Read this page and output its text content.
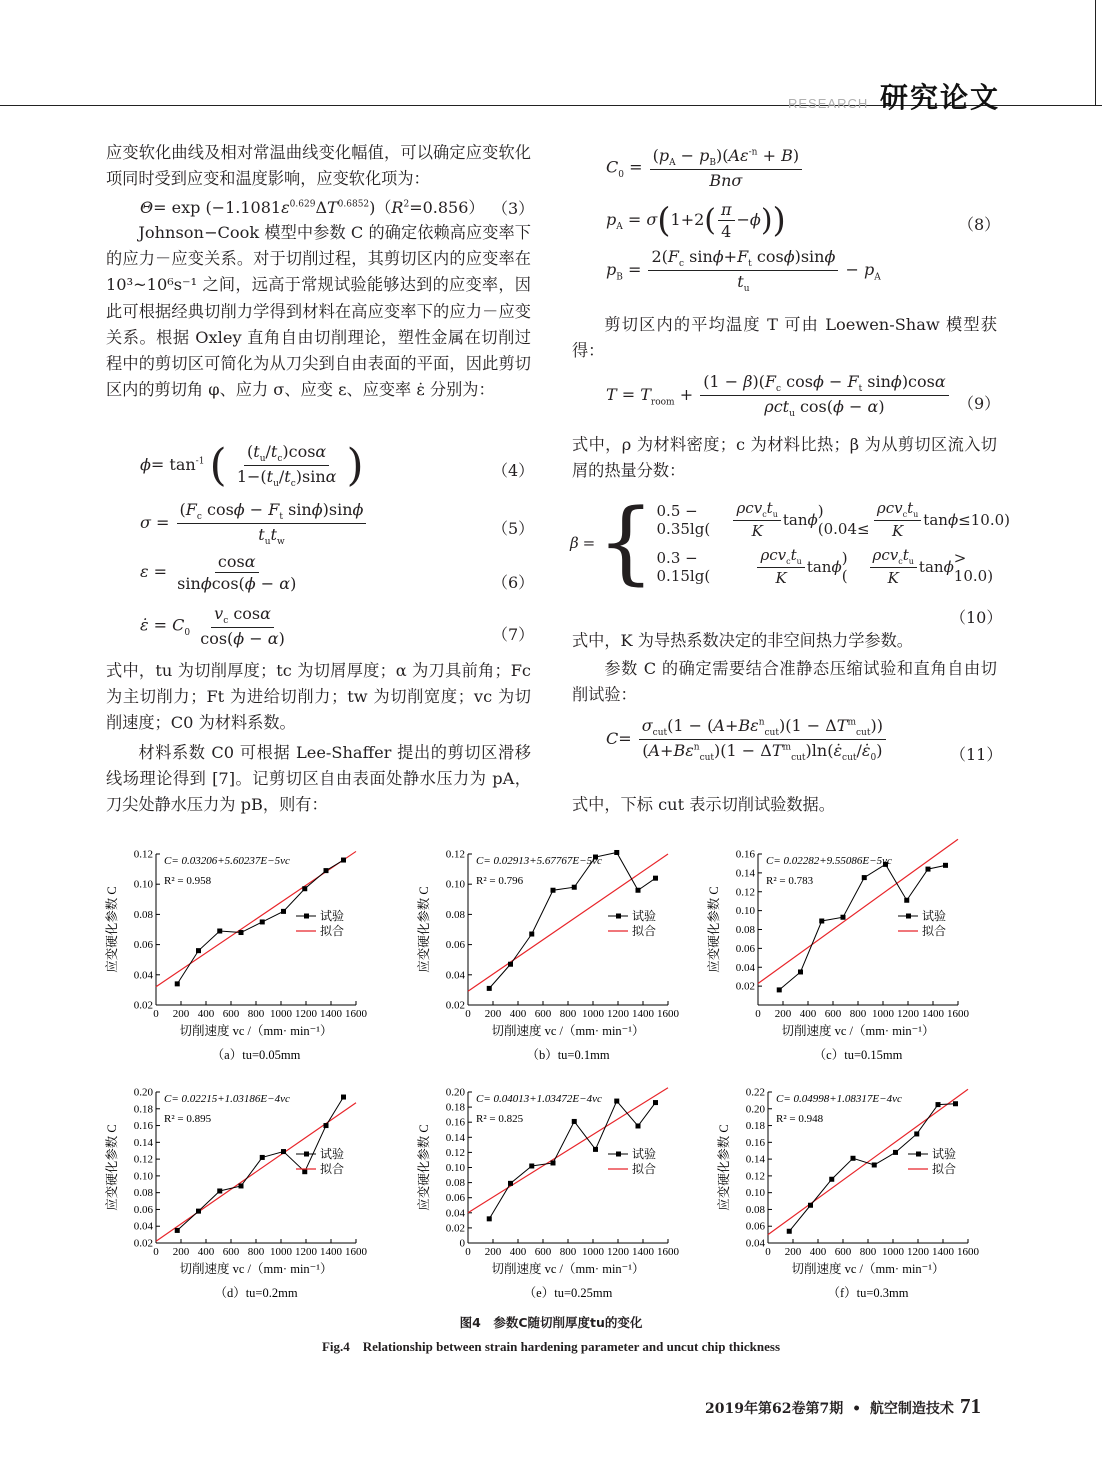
RESEARCH 研究论文

应变软化曲线及相对常温曲线变化幅值，可以确定应变软化项同时受到应变和温度影响，应变软化项为：

$\Theta= \exp (-1.1081\varepsilon^{0.629}\Delta T^{0.6852})(R^2=0.856)$ （3）

Johnson−Cook 模型中参数 C 的确定依赖高应变率下的应力－应变关系。对于切削过程，其剪切区内的应变率在 10³~10⁶s⁻¹ 之间，远高于常规试验能够达到的应变率，因此可根据经典切削力学得到材料在高应变率下的应力－应变关系。根据 Oxley 直角自由切削理论，塑性金属在切削过程中的剪切区可简化为从刀尖到自由表面的平面，因此剪切区内的剪切角 φ、应力 σ、应变 ε、应变率 ε̇ 分别为：

$\phi= \tan^{-1}$ ( $\frac{(t_u/t_c)\cos\alpha}{1-(t_u/t_c)\sin\alpha}$ )	（4）
$\sigma = \frac{(F_c \cos\phi - F_t \sin\phi)\sin\phi}{t_ut_w}$	（5）
$\varepsilon = \frac{\cos\alpha}{\sin\phi\cos(\phi - \alpha)}$	（6）
ε̇ = $C_0 \frac{v_c \cos\alpha}{\cos(\phi - \alpha)}$	（7）

式中，tu 为切削厚度；tc 为切屑厚度；α 为刀具前角；Fc 为主切削力；Ft 为进给切削力；tw 为切削宽度；vc 为切削速度；C0 为材料系数。

材料系数 C0 可根据 Lee-Shaffer 提出的剪切区滑移线场理论得到 [7]。记剪切区自由表面处静水压力为 pA，刀尖处静水压力为 pB，则有：

$C_0 = \frac{(p_A - p_B)(A\varepsilon^{-n} + B)}{\text{Bnσ}}$
$p_A = \sigma(1+2( \frac{\pi}{4} -\phi))$
$p_B = \frac{2(F_c \sin\phi+F_t \cos\phi)\sin\phi}{t_u} - p_A$
（8）

剪切区内的平均温度 T 可由 Loewen-Shaw 模型获得：

$T = T_{room} + \frac{(1 - \beta)(F_c \cos\phi - F_t \sin\phi)\cos\alpha}{\rho ct_u \cos(\phi - \alpha)} (9)$

式中，ρ 为材料密度；c 为材料比热；β 为从剪切区流入切屑的热量分数：

β = { $0.5 - 0.35\lg( \frac{\rho cv_ct_u}{K}$ tan ϕ )   ($0.04\le \frac{\rho cv_ct_u}{K}$ tan ϕ ≤10.0)
0.3 − 0.15lg(	$\frac{\rho cv_ct_u}{K}$ tan ϕ )   ( $\frac{\rho cv_ct_u}{K}$ tan ϕ > 10.0)
（10）

式中，K 为导热系数决定的非空间热力学参数。

参数 C 的确定需要结合准静态压缩试验和直角自由切削试验：

$C= \frac{\sigma_{cut}(1 - (A+B\varepsilon^n_{cut})(1 - \Delta T^m_{cut}))}{(A+B\varepsilon^n_{cut})(1 - \Delta T^m_{cut})\ln(\varepsiloṅ_{cut}/\varepsiloṅ_0)}$	（11）

式中，下标 cut 表示切削试验数据。

0.02
0.04
0.06
0.08
0.10
0.12
0 200 400 600 800 1000 1200 1400 1600
C= 0.03206+5.60237E−5vc
R² = 0.958
试验
拟合
应变硬化参数 C
切削速度 vc /（mm· min⁻¹）
（a）tu=0.05mm
0.02
0.04
0.06
0.08
0.10
0.12
0 200 400 600 800 1000 1200 1400 1600
C= 0.02913+5.67767E−5vc
R² = 0.796
试验
拟合
应变硬化参数 C
切削速度 vc /（mm· min⁻¹）
（b）tu=0.1mm
0.02
0.04
0.06
0.08
0.10
0.12
0.14
0.16
0 200 400 600 800 1000 1200 1400 1600
C= 0.02282+9.55086E−5vc
R² = 0.783
试验
拟合
应变硬化参数 C
切削速度 vc /（mm· min⁻¹）
（c）tu=0.15mm
0.02
0.04
0.06
0.08
0.10
0.12
0.14
0.16
0.18
0.20
0 200 400 600 800 1000 1200 1400 1600
C= 0.02215+1.03186E−4vc
R² = 0.895
试验
拟合
应变硬化参数 C
切削速度 vc /（mm· min⁻¹）
（d）tu=0.2mm
0
0.02
0.04
0.06
0.08
0.10
0.12
0.14
0.16
0.18
0.20
0 200 400 600 800 1000 1200 1400 1600
C= 0.04013+1.03472E−4vc
R² = 0.825
试验
拟合
应变硬化参数 C
切削速度 vc /（mm· min⁻¹）
（e）tu=0.25mm
0.04
0.06
0.08
0.10
0.12
0.14
0.16
0.18
0.20
0.22
0 200 400 600 800 1000 1200 1400 1600
C= 0.04998+1.08317E−4vc
R² = 0.948
试验
拟合
应变硬化参数 C
切削速度 vc /（mm· min⁻¹）
（f）tu=0.3mm
图4　参数C随切削厚度tu的变化
Fig.4　Relationship between strain hardening parameter and uncut chip thickness
2019年第62卷第7期 • 航空制造技术 71
